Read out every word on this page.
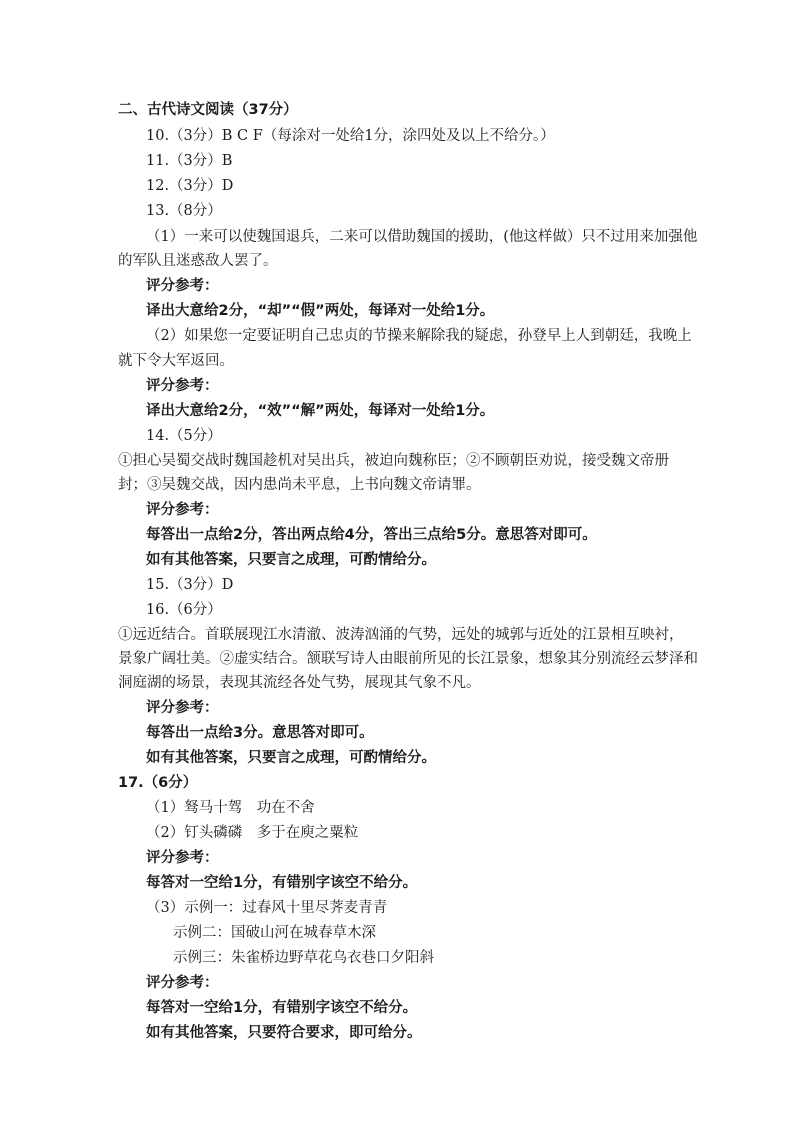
二、古代诗文阅读（37分）
10.（3分）B C F（每涂对一处给1分，涂四处及以上不给分。）
11.（3分）B
12.（3分）D
13.（8分）
（1）一来可以使魏国退兵，二来可以借助魏国的援助，(他这样做）只不过用来加强他
的军队且迷惑敌人罢了。
评分参考：
译出大意给2分，“却”“假”两处，每译对一处给1分。
（2）如果您一定要证明自己忠贞的节操来解除我的疑虑，孙登早上人到朝廷，我晚上
就下令大军返回。
评分参考：
译出大意给2分，“效”“解”两处，每译对一处给1分。
14.（5分）
①担心吴蜀交战时魏国趁机对吴出兵，被迫向魏称臣；②不顾朝臣劝说，接受魏文帝册
封；③吴魏交战，因内患尚未平息，上书向魏文帝请罪。
评分参考：
每答出一点给2分，答出两点给4分，答出三点给5分。意思答对即可。
如有其他答案，只要言之成理，可酌情给分。
15.（3分）D
16.（6分）
①远近结合。首联展现江水清澈、波涛汹涌的气势，远处的城郭与近处的江景相互映衬，
景象广阔壮美。②虚实结合。颔联写诗人由眼前所见的长江景象，想象其分别流经云梦泽和
洞庭湖的场景，表现其流经各处气势，展现其气象不凡。
评分参考：
每答出一点给3分。意思答对即可。
如有其他答案，只要言之成理，可酌情给分。
17.（6分）
（1）驽马十驾　功在不舍
（2）钉头磷磷　多于在庾之粟粒
评分参考：
每答对一空给1分，有错别字该空不给分。
（3）示例一：过春风十里尽荠麦青青
示例二：国破山河在城春草木深
示例三：朱雀桥边野草花乌衣巷口夕阳斜
评分参考：
每答对一空给1分，有错别字该空不给分。
如有其他答案，只要符合要求，即可给分。
